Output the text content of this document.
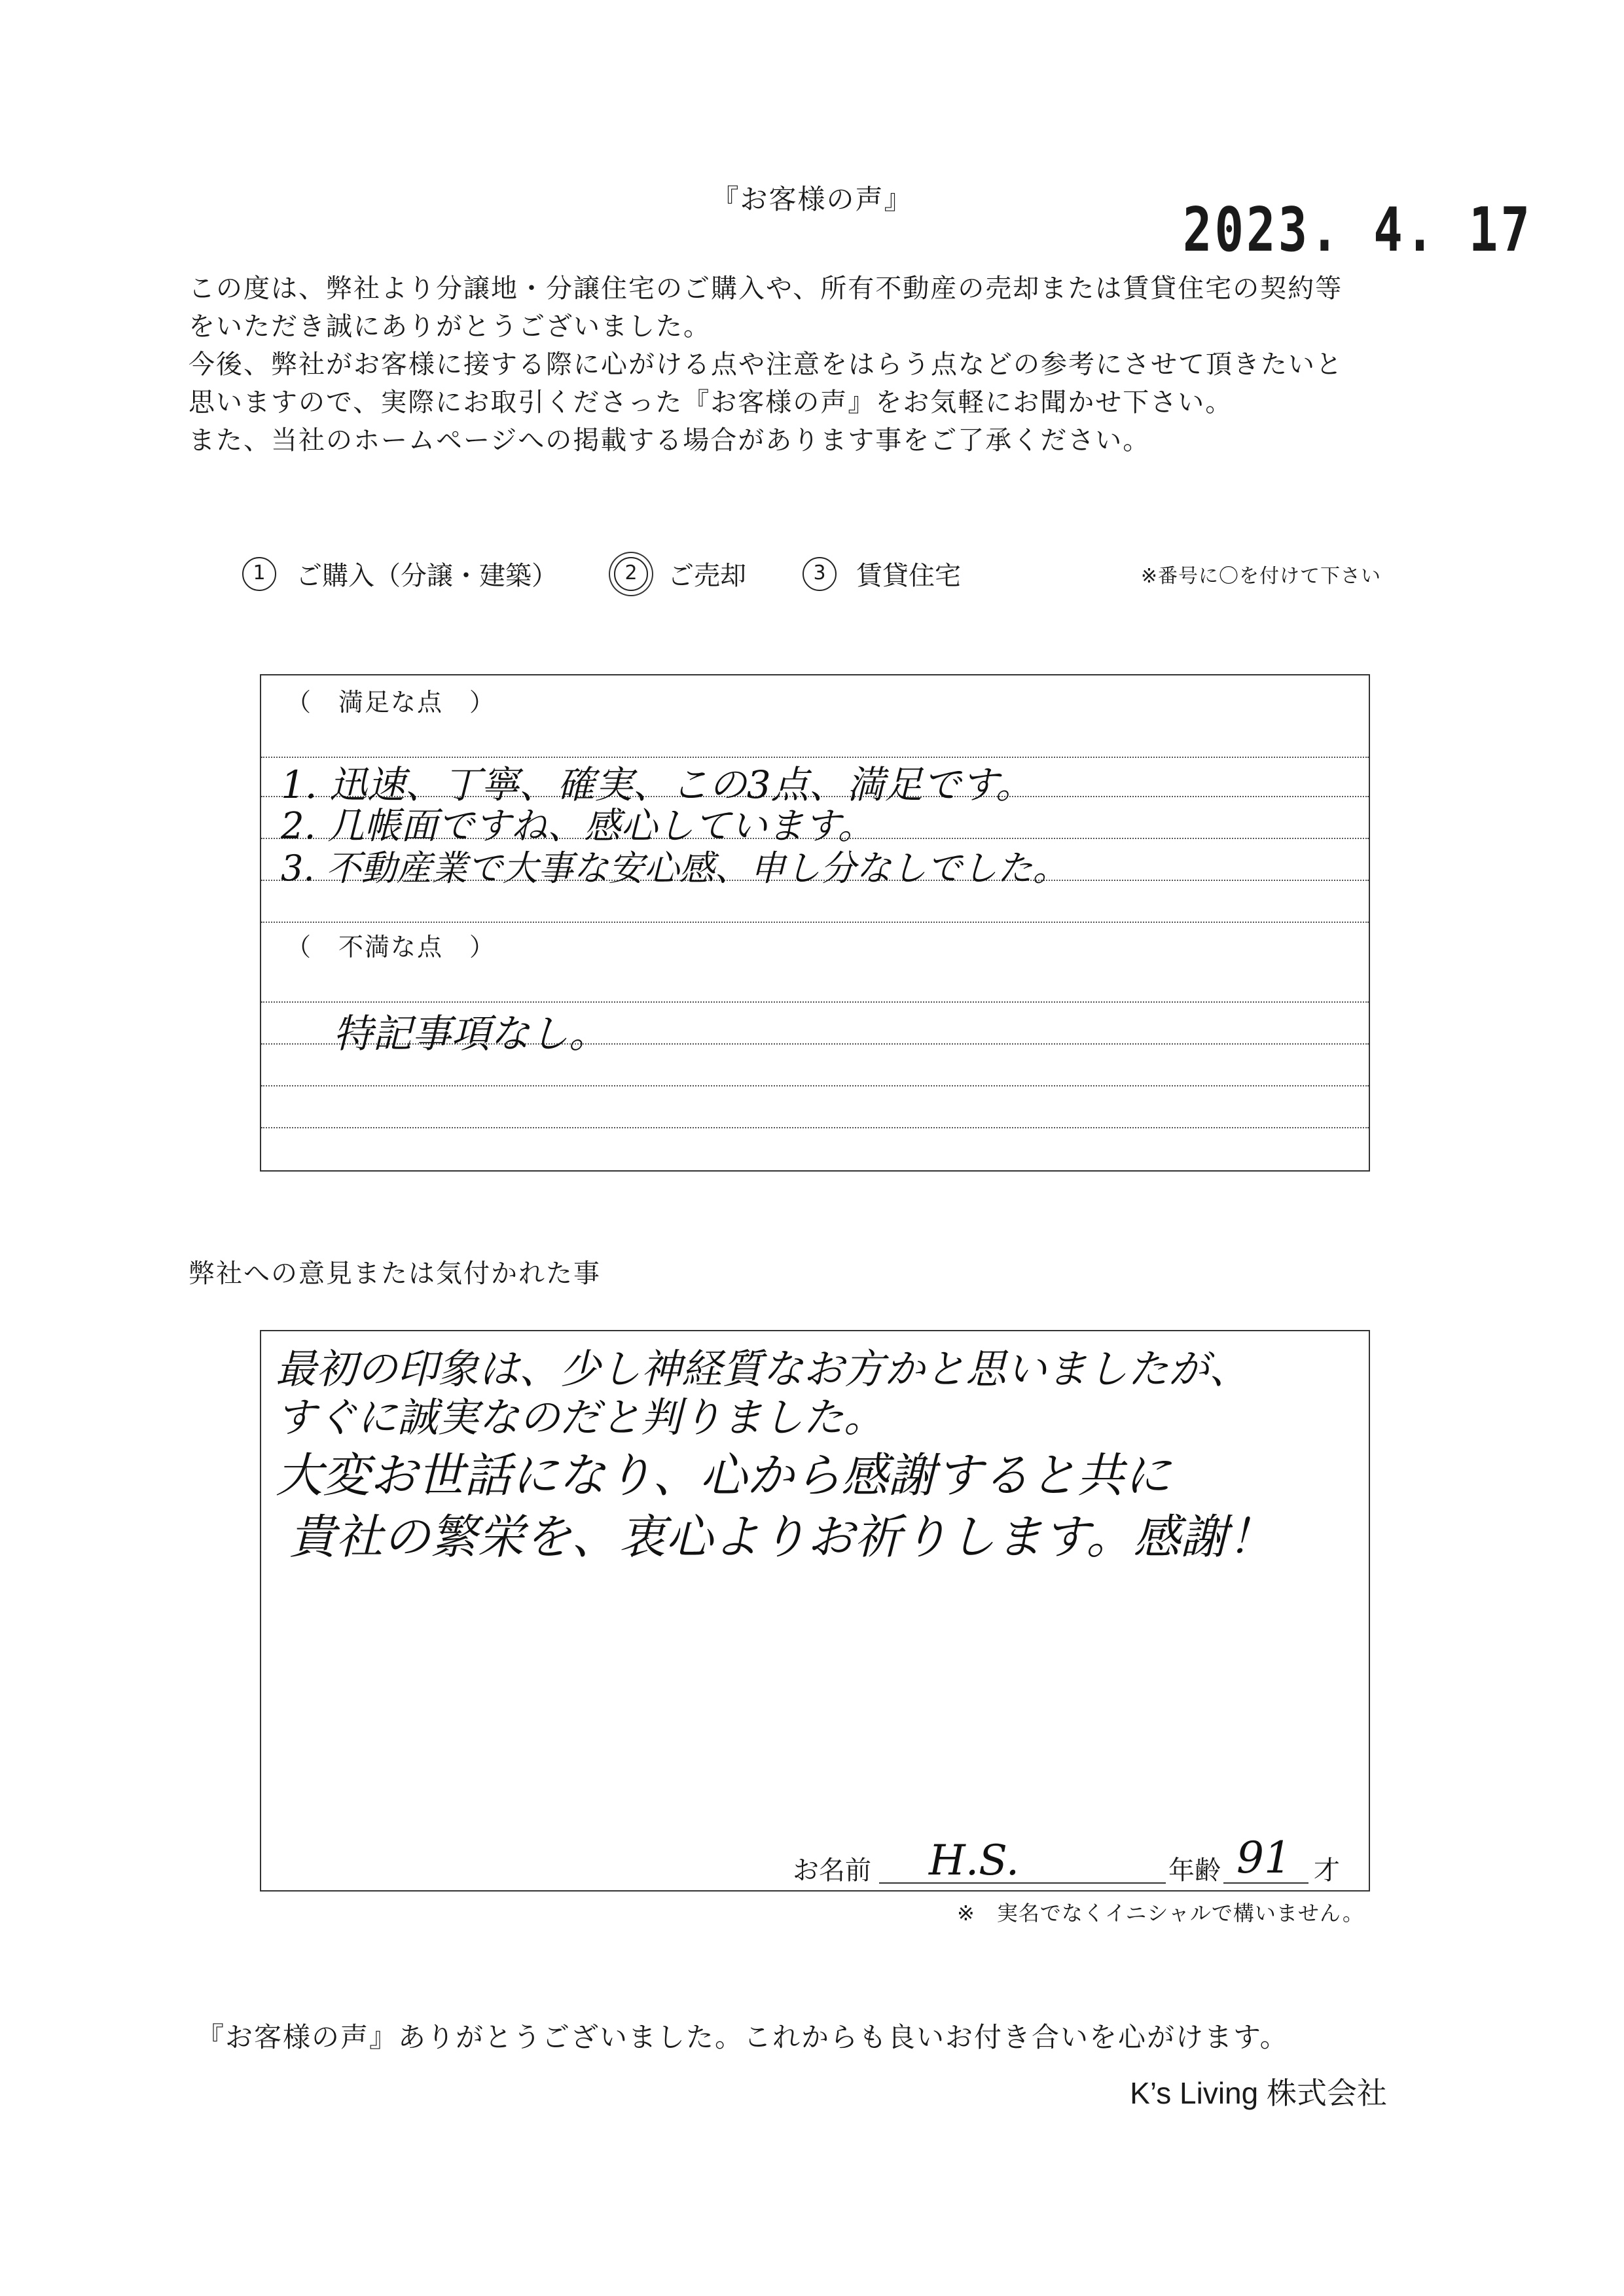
『お客様の声』	2023. 4. 17

この度は、弊社より分譲地・分譲住宅のご購入や、所有不動産の売却または賃貸住宅の契約等

をいただき誠にありがとうございました。

今後、弊社がお客様に接する際に心がける点や注意をはらう点などの参考にさせて頂きたいと

思いますので、実際にお取引くださった『お客様の声』をお気軽にお聞かせ下さい。

また、当社のホームページへの掲載する場合があります事をご了承ください。

1	ご購入（分譲・建築）	2	ご売却	3	賃貸住宅	※番号に〇を付けて下さい
（　満足な点　）
1. 迅速、丁寧、確実、この3点、満足です。
2. 几帳面ですね、感心しています。
3. 不動産業で大事な安心感、申し分なしでした。
（　不満な点　）
特記事項なし。
弊社への意見または気付かれた事
最初の印象は、少し神経質なお方かと思いましたが、
すぐに誠実なのだと判りました。
大変お世話になり、心から感謝すると共に
貴社の繁栄を、衷心よりお祈りします。感謝！
お名前 H.S.	年齢 91 才
※　実名でなくイニシャルで構いません。
『お客様の声』ありがとうございました。これからも良いお付き合いを心がけます。
K’s Living 株式会社
